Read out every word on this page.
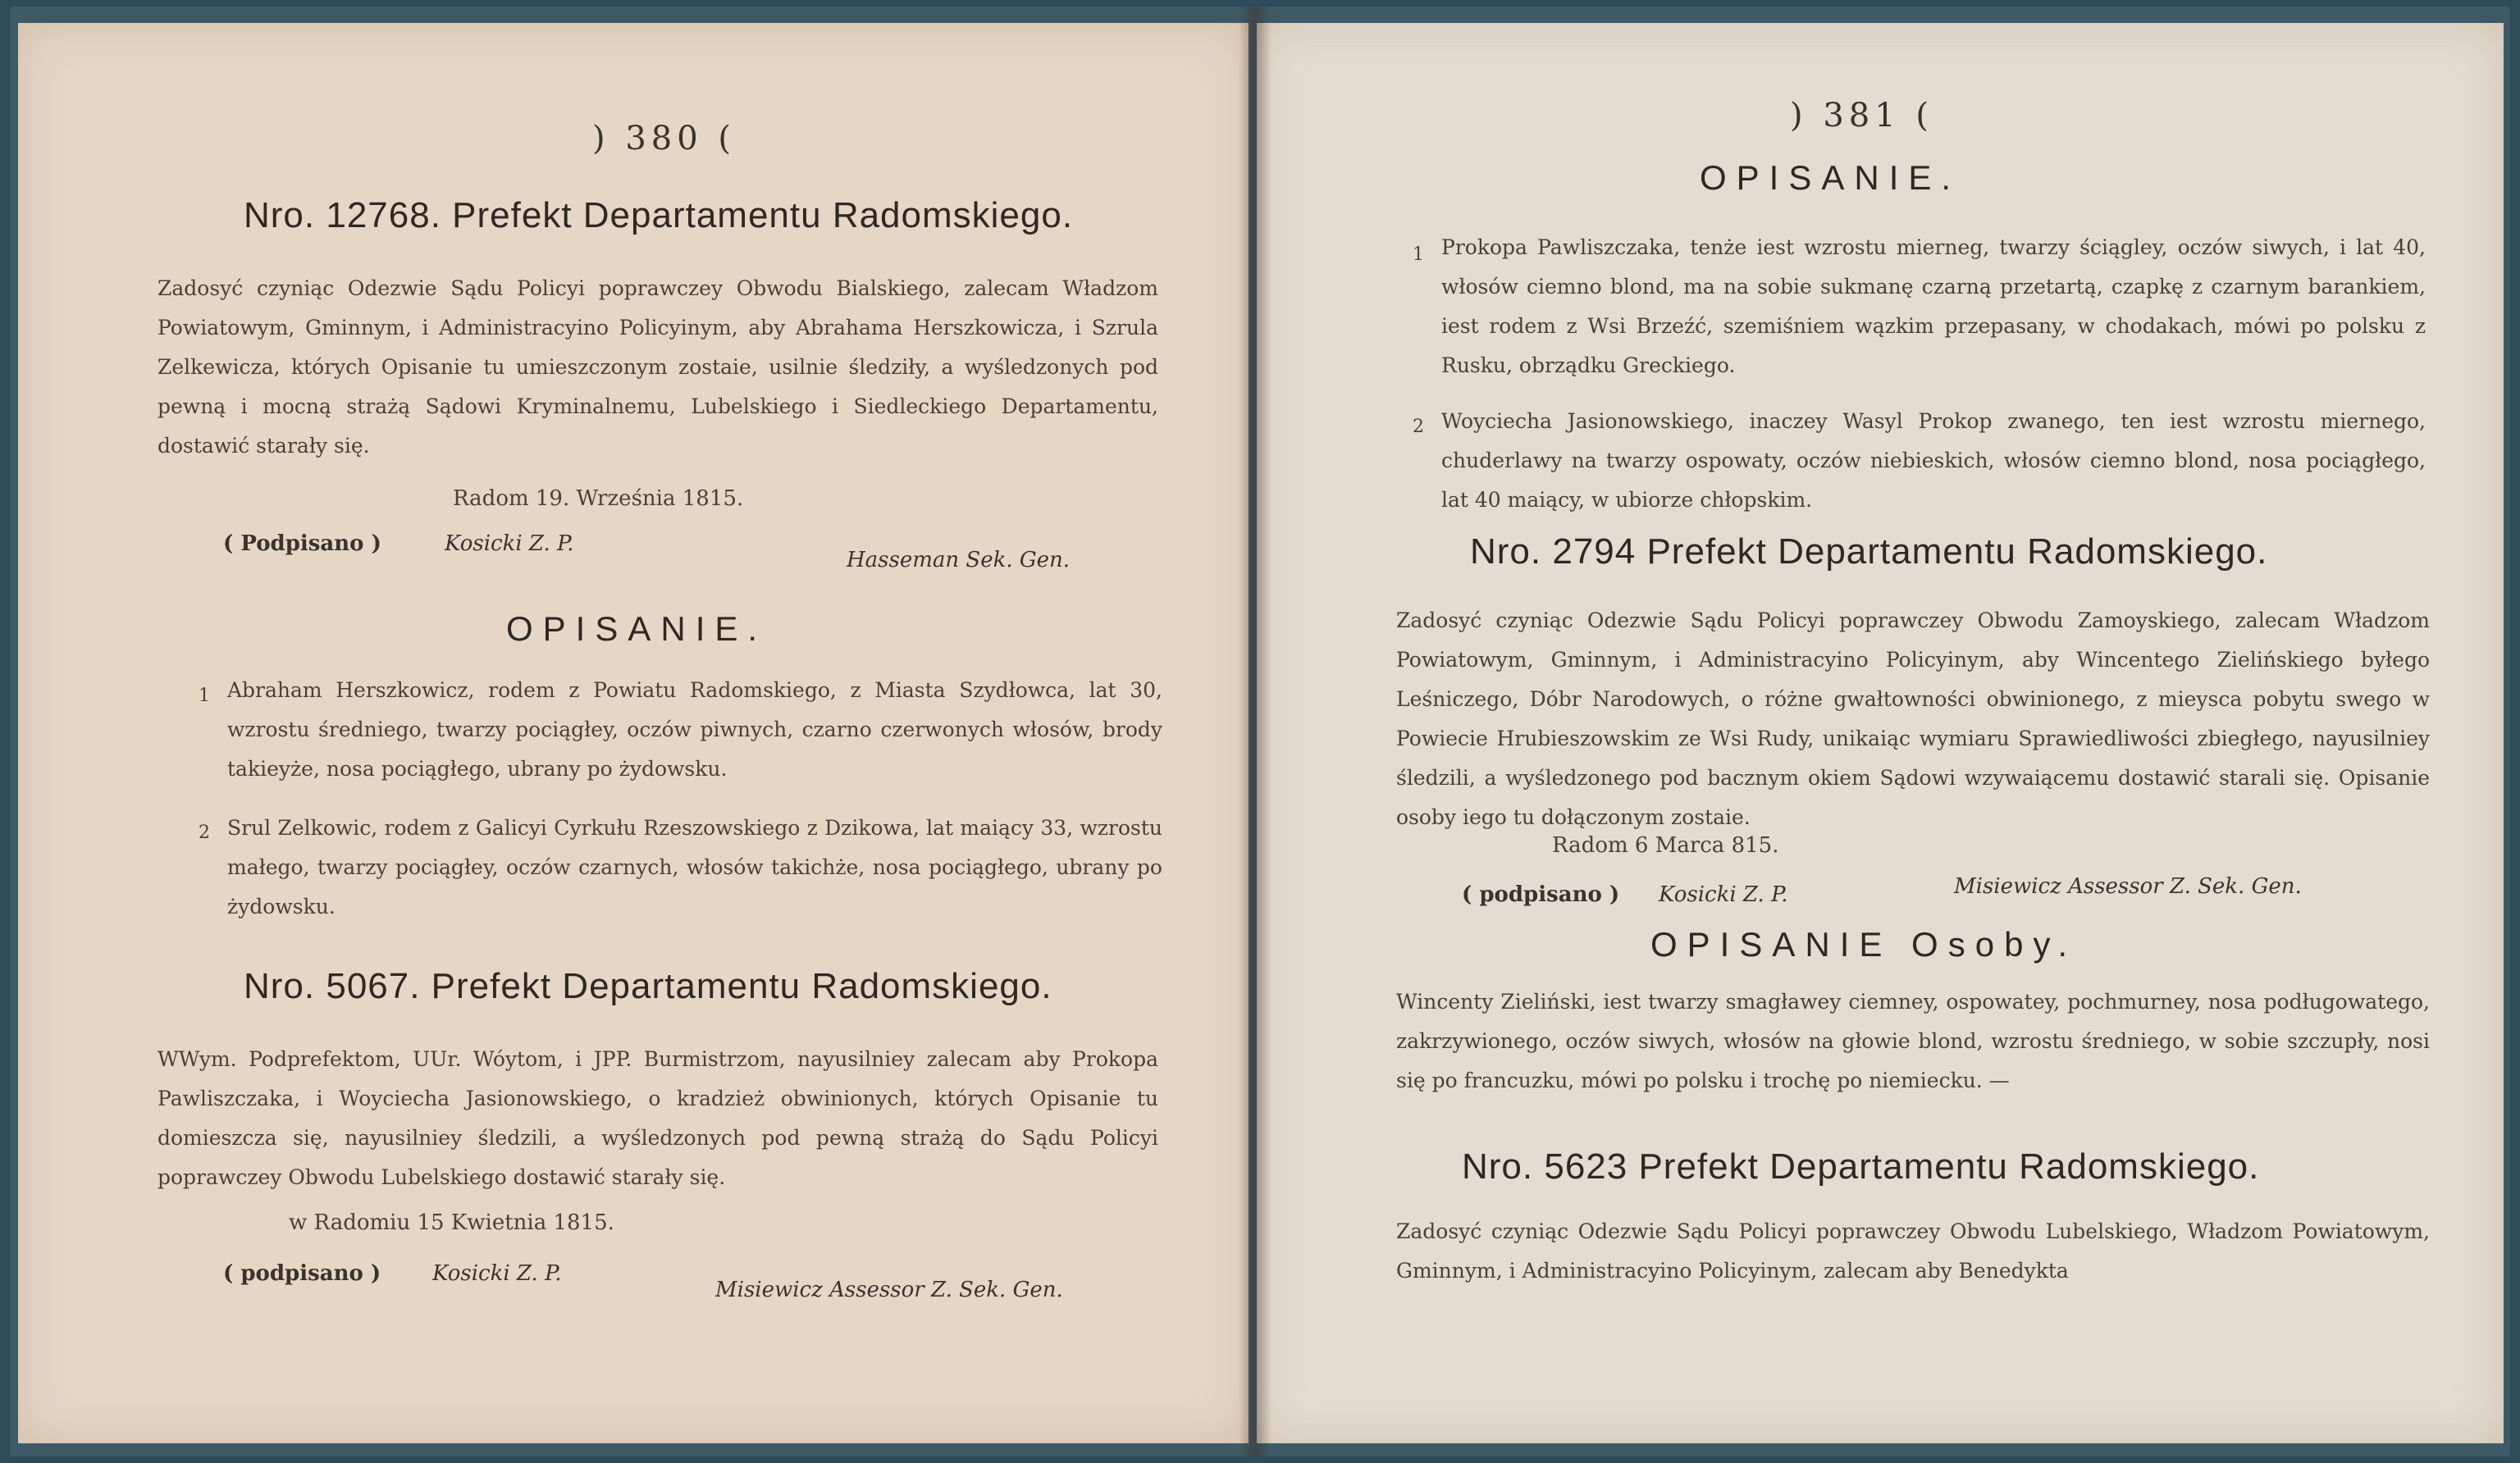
) 380 (
Nro. 12768. Prefekt Departamentu Radomskiego.

Zadosyć czyniąc Odezwie Sądu Policyi poprawczey Obwodu Bialskiego, zalecam Władzom Powiatowym, Gminnym, i Administracyino Policyinym, aby Abrahama Herszkowicza, i Szrula Zelkewicza, których Opisanie tu umieszczonym zostaie, usilnie śledziły, a wyśledzonych pod pewną i mocną strażą Sądowi Kryminalnemu, Lubelskiego i Siedleckiego Departamentu, dostawić starały się.

Radom 19. Września 1815.
( Podpisano )	Kosicki Z. P.
Hasseman Sek. Gen.
OPISANIE.
1 Abraham Herszkowicz, rodem z Powiatu Radomskiego, z Miasta Szydłowca, lat 30, wzrostu średniego, twarzy pociągłey, oczów piwnych, czarno czerwonych włosów, brody takieyże, nosa pociągłego, ubrany po żydowsku.

2 Srul Zelkowic, rodem z Galicyi Cyrkułu Rzeszowskiego z Dzikowa, lat maiący 33, wzrostu małego, twarzy pociągłey, oczów czarnych, włosów takichże, nosa pociągłego, ubrany po żydowsku.

Nro. 5067. Prefekt Departamentu Radomskiego.

WWym. Podprefektom, UUr. Wóytom, i JPP. Burmistrzom, nayusilniey zalecam aby Prokopa Pawliszczaka, i Woyciecha Jasionowskiego, o kradzież obwinionych, których Opisanie tu domieszcza się, nayusilniey śledzili, a wyśledzonych pod pewną strażą do Sądu Policyi poprawczey Obwodu Lubelskiego dostawić starały się.

w Radomiu 15 Kwietnia 1815.
( podpisano ) Kosicki Z. P.
Misiewicz Assessor Z. Sek. Gen.
) 381 (
OPISANIE.
1 Prokopa Pawliszczaka, tenże iest wzrostu mierneg, twarzy ściągley, oczów siwych, i lat 40, włosów ciemno blond, ma na sobie sukmanę czarną przetartą, czapkę z czarnym barankiem, iest rodem z Wsi Brzeźć, szemiśniem wązkim przepasany, w chodakach, mówi po polsku z Rusku, obrządku Greckiego.

2 Woyciecha Jasionowskiego, inaczey Wasyl Prokop zwanego, ten iest wzrostu miernego, chuderlawy na twarzy ospowaty, oczów niebieskich, włosów ciemno blond, nosa pociągłego, lat 40 maiący, w ubiorze chłopskim.

Nro. 2794 Prefekt Departamentu Radomskiego.

Zadosyć czyniąc Odezwie Sądu Policyi poprawczey Obwodu Zamoyskiego, zalecam Władzom Powiatowym, Gminnym, i Administracyino Policyinym, aby Wincentego Zielińskiego byłego Leśniczego, Dóbr Narodowych, o różne gwałtowności obwinionego, z mieysca pobytu swego w Powiecie Hrubieszowskim ze Wsi Rudy, unikaiąc wymiaru Sprawiedliwości zbiegłego, nayusilniey śledzili, a wyśledzonego pod bacznym okiem Sądowi wzywaiącemu dostawić starali się. Opisanie osoby iego tu dołączonym zostaie.

Radom 6 Marca 815.
( podpisano ) Kosicki Z. P.	Misiewicz Assessor Z. Sek. Gen.
OPISANIE Osoby.

Wincenty Zieliński, iest twarzy smagławey ciemney, ospowatey, pochmurney, nosa podługowatego, zakrzywionego, oczów siwych, włosów na głowie blond, wzrostu średniego, w sobie szczupły, nosi się po francuzku, mówi po polsku i trochę po niemiecku. —

Nro. 5623 Prefekt Departamentu Radomskiego.

Zadosyć czyniąc Odezwie Sądu Policyi poprawczey Obwodu Lubelskiego, Władzom Powiatowym, Gminnym, i Administracyino Policyinym, zalecam aby Benedykta
